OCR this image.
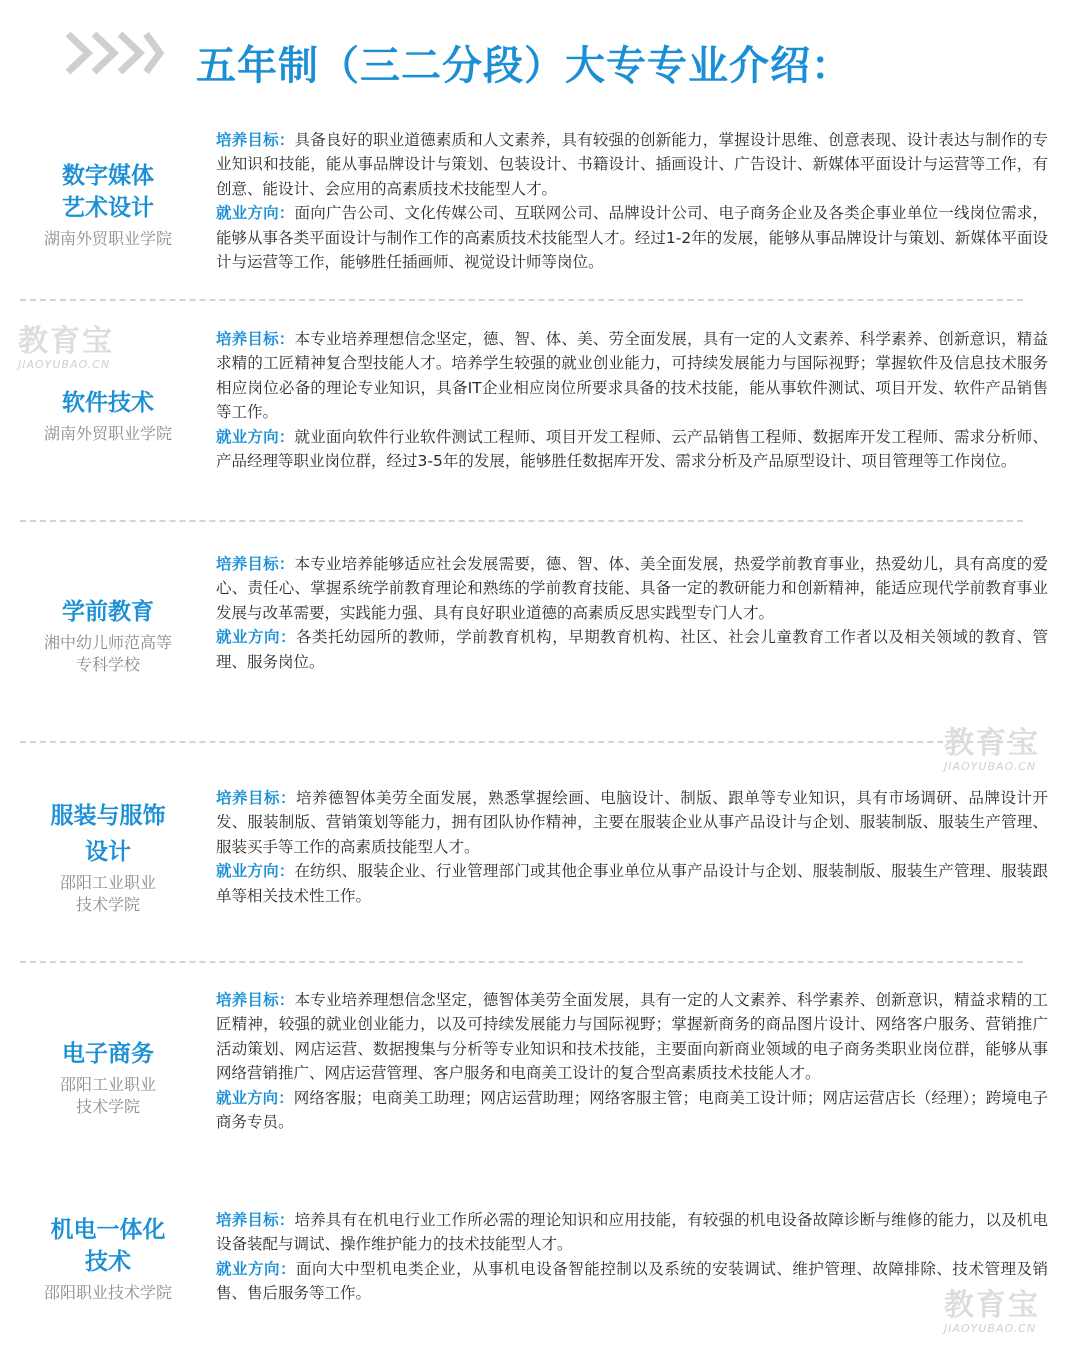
五年制（三二分段）大专专业介绍：
数字媒体
艺术设计
湖南外贸职业学院

培养目标：具备良好的职业道德素质和人文素养，具有较强的创新能力，掌握设计思维、创意表现、设计表达与制作的专业知识和技能，能从事品牌设计与策划、包装设计、书籍设计、插画设计、广告设计、新媒体平面设计与运营等工作，有创意、能设计、会应用的高素质技术技能型人才。

就业方向：面向广告公司、文化传媒公司、互联网公司、品牌设计公司、电子商务企业及各类企事业单位一线岗位需求，能够从事各类平面设计与制作工作的高素质技术技能型人才。经过1-2年的发展，能够从事品牌设计与策划、新媒体平面设计与运营等工作，能够胜任插画师、视觉设计师等岗位。

软件技术
湖南外贸职业学院

培养目标：本专业培养理想信念坚定，德、智、体、美、劳全面发展，具有一定的人文素养、科学素养、创新意识，精益求精的工匠精神复合型技能人才。培养学生较强的就业创业能力，可持续发展能力与国际视野；掌握软件及信息技术服务相应岗位必备的理论专业知识，具备IT企业相应岗位所要求具备的技术技能，能从事软件测试、项目开发、软件产品销售等工作。

就业方向：就业面向软件行业软件测试工程师、项目开发工程师、云产品销售工程师、数据库开发工程师、需求分析师、产品经理等职业岗位群，经过3-5年的发展，能够胜任数据库开发、需求分析及产品原型设计、项目管理等工作岗位。

学前教育
湘中幼儿师范高等
专科学校

培养目标：本专业培养能够适应社会发展需要，德、智、体、美全面发展，热爱学前教育事业，热爱幼儿，具有高度的爱心、责任心、掌握系统学前教育理论和熟练的学前教育技能、具备一定的教研能力和创新精神，能适应现代学前教育事业发展与改革需要，实践能力强、具有良好职业道德的高素质反思实践型专门人才。

就业方向：各类托幼园所的教师，学前教育机构，早期教育机构、社区、社会儿童教育工作者以及相关领域的教育、管理、服务岗位。

服装与服饰
设计
邵阳工业职业
技术学院

培养目标：培养德智体美劳全面发展，熟悉掌握绘画、电脑设计、制版、跟单等专业知识，具有市场调研、品牌设计开发、服装制版、营销策划等能力，拥有团队协作精神，主要在服装企业从事产品设计与企划、服装制版、服装生产管理、服装买手等工作的高素质技能型人才。

就业方向：在纺织、服装企业、行业管理部门或其他企事业单位从事产品设计与企划、服装制版、服装生产管理、服装跟单等相关技术性工作。

电子商务
邵阳工业职业
技术学院

培养目标：本专业培养理想信念坚定，德智体美劳全面发展，具有一定的人文素养、科学素养、创新意识，精益求精的工匠精神，较强的就业创业能力，以及可持续发展能力与国际视野；掌握新商务的商品图片设计、网络客户服务、营销推广活动策划、网店运营、数据搜集与分析等专业知识和技术技能，主要面向新商业领域的电子商务类职业岗位群，能够从事网络营销推广、网店运营管理、客户服务和电商美工设计的复合型高素质技术技能人才。

就业方向：网络客服；电商美工助理；网店运营助理；网络客服主管；电商美工设计师；网店运营店长（经理）；跨境电子商务专员。

机电一体化
技术
邵阳职业技术学院

培养目标：培养具有在机电行业工作所必需的理论知识和应用技能，有较强的机电设备故障诊断与维修的能力，以及机电设备装配与调试、操作维护能力的技术技能型人才。

就业方向：面向大中型机电类企业，从事机电设备智能控制以及系统的安装调试、维护管理、故障排除、技术管理及销售、售后服务等工作。

教育宝
JIAOYUBAO.CN
教育宝
JIAOYUBAO.CN
教育宝
JIAOYUBAO.CN
